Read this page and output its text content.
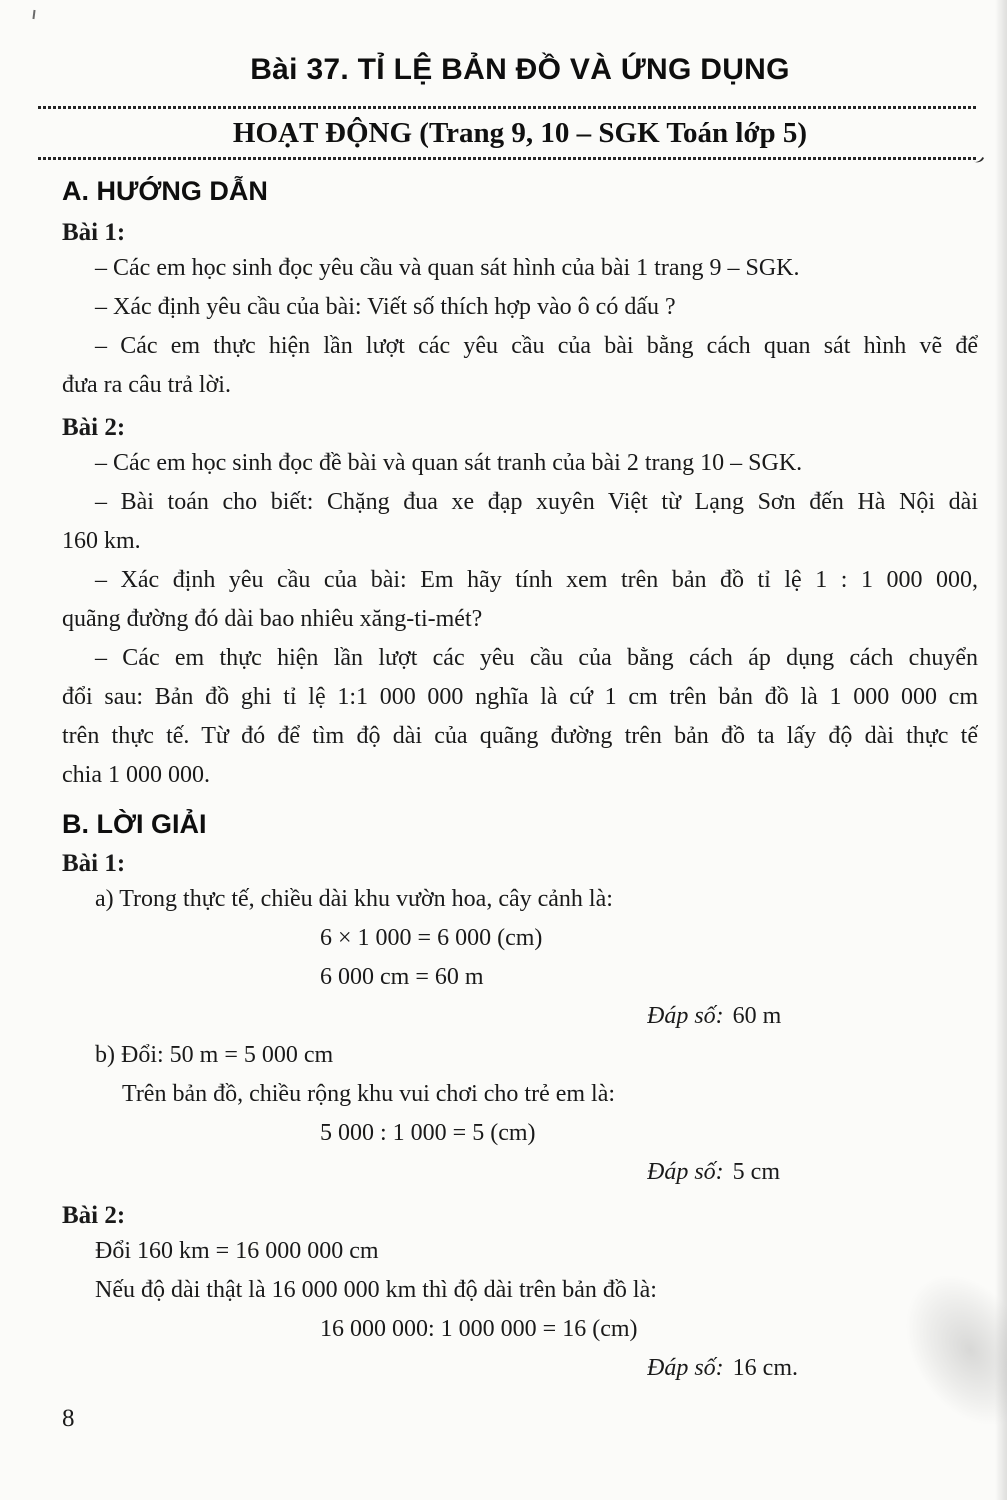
Bài 37. TỈ LỆ BẢN ĐỒ VÀ ỨNG DỤNG
HOẠT ĐỘNG (Trang 9, 10 – SGK Toán lớp 5)
A. HƯỚNG DẪN

Bài 1:

– Các em học sinh đọc yêu cầu và quan sát hình của bài 1 trang 9 – SGK.

– Xác định yêu cầu của bài: Viết số thích hợp vào ô có dấu ?

– Các em thực hiện lần lượt các yêu cầu của bài bằng cách quan sát hình vẽ để

đưa ra câu trả lời.

Bài 2:

– Các em học sinh đọc đề bài và quan sát tranh của bài 2 trang 10 – SGK.

– Bài toán cho biết: Chặng đua xe đạp xuyên Việt từ Lạng Sơn đến Hà Nội dài

160 km.

– Xác định yêu cầu của bài: Em hãy tính xem trên bản đồ tỉ lệ 1 : 1 000 000,

quãng đường đó dài bao nhiêu xăng-ti-mét?

– Các em thực hiện lần lượt các yêu cầu của bằng cách áp dụng cách chuyển

đổi sau: Bản đồ ghi tỉ lệ 1:1 000 000 nghĩa là cứ 1 cm trên bản đồ là 1 000 000 cm

trên thực tế. Từ đó để tìm độ dài của quãng đường trên bản đồ ta lấy độ dài thực tế

chia 1 000 000.

B. LỜI GIẢI

Bài 1:

a) Trong thực tế, chiều dài khu vườn hoa, cây cảnh là:

6 × 1 000 = 6 000 (cm)

6 000 cm = 60 m

Đáp số: 60 m

b) Đổi: 50 m = 5 000 cm

Trên bản đồ, chiều rộng khu vui chơi cho trẻ em là:

5 000 : 1 000 = 5 (cm)

Đáp số: 5 cm

Bài 2:

Đổi 160 km = 16 000 000 cm

Nếu độ dài thật là 16 000 000 km thì độ dài trên bản đồ là:

16 000 000: 1 000 000 = 16 (cm)

Đáp số: 16 cm.

8
